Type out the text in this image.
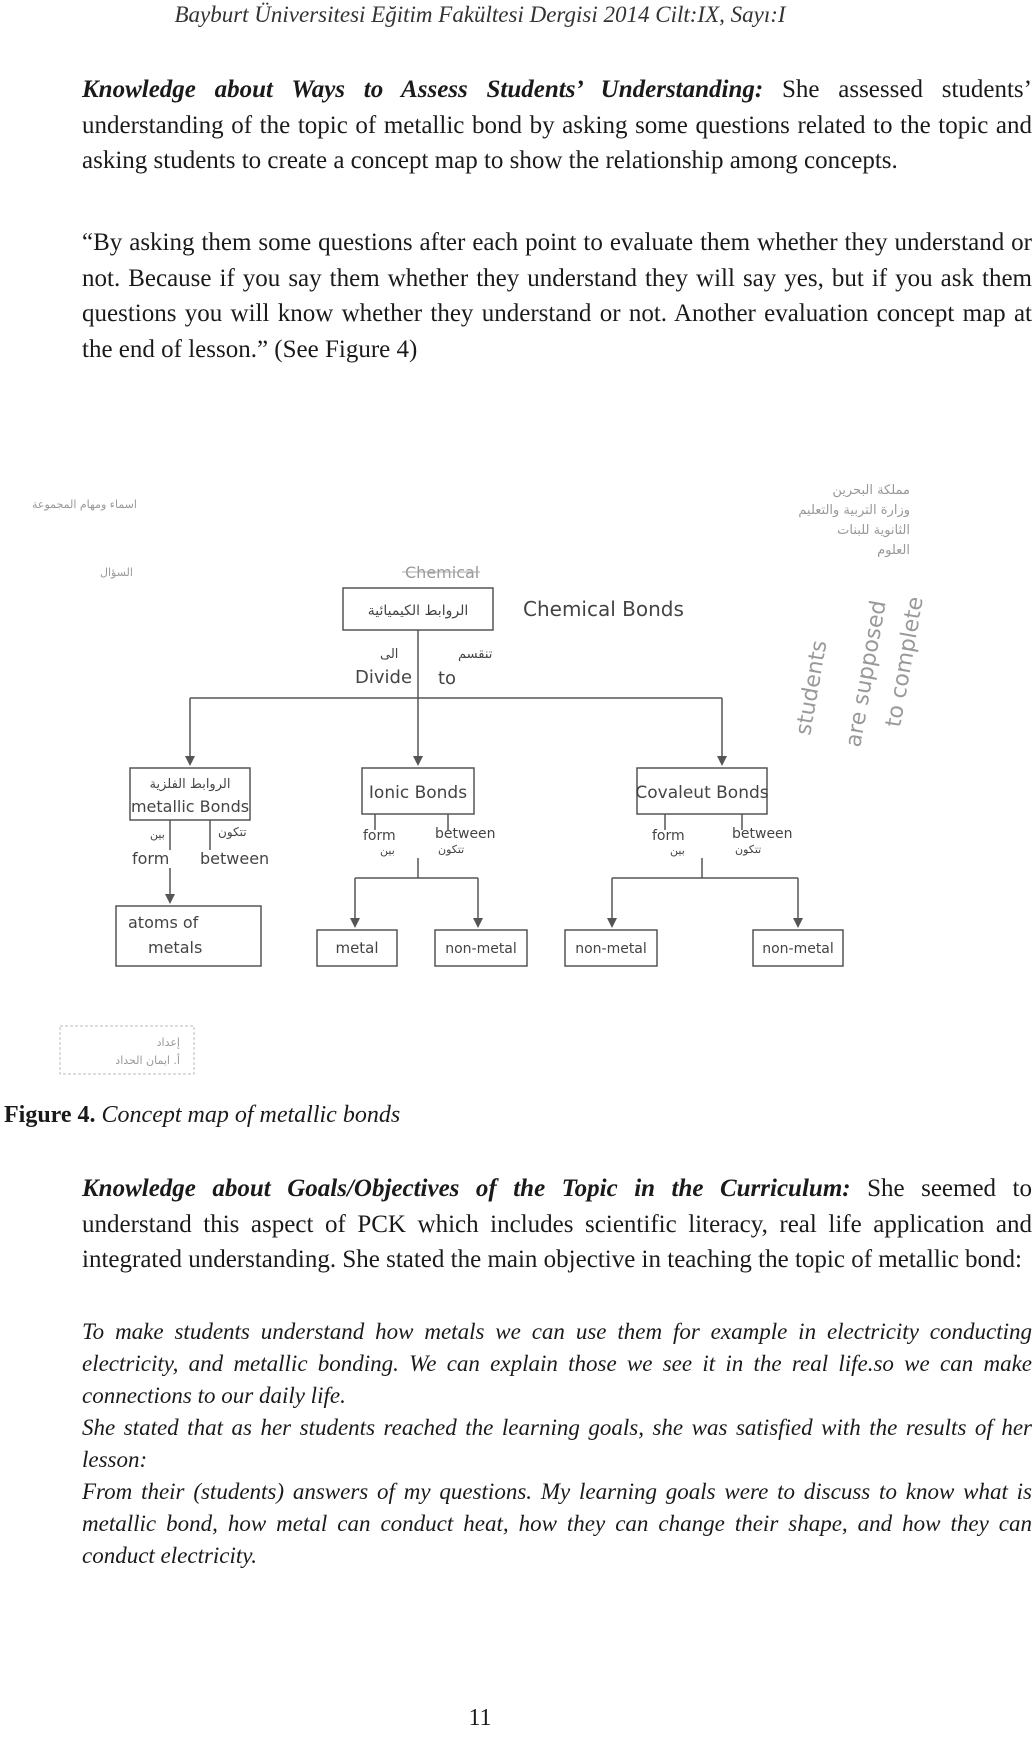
Bayburt Üniversitesi Eğitim Fakültesi Dergisi 2014 Cilt:IX, Sayı:I

Knowledge about Ways to Assess Students’ Understanding: She assessed students’ understanding of the topic of metallic bond by asking some questions related to the topic and asking students to create a concept map to show the relationship among concepts.

“By asking them some questions after each point to evaluate them whether they understand or not. Because if you say them whether they understand they will say yes, but if you ask them questions you will know whether they understand or not. Another evaluation concept map at the end of lesson.” (See Figure 4)

مملكة البحرين
وزارة التربية والتعليم
الثانوية للبنات
العلوم
اسماء ومهام المجموعة
السؤال	Chemical
الروابط الكيميائية	Chemical Bonds
الى	تنقسم
Divide to
الروابط الفلزية
metallic Bonds
Ionic Bonds	Covaleut Bonds
بين	تتكون
form between
atoms of
metals
form
بين
between
تتكون
metal	non-metal
form
بين
between
تتكون
non-metal	non-metal
students are supposed
to complete
إعداد
أ. ايمان الحداد
Figure 4. Concept map of metallic bonds

Knowledge about Goals/Objectives of the Topic in the Curriculum: She seemed to understand this aspect of PCK which includes scientific literacy, real life application and integrated understanding. She stated the main objective in teaching the topic of metallic bond:

To make students understand how metals we can use them for example in electricity conducting electricity, and metallic bonding. We can explain those we see it in the real life.so we can make connections to our daily life.

She stated that as her students reached the learning goals, she was satisfied with the results of her lesson:

From their (students) answers of my questions. My learning goals were to discuss to know what is metallic bond, how metal can conduct heat, how they can change their shape, and how they can conduct electricity.

11
